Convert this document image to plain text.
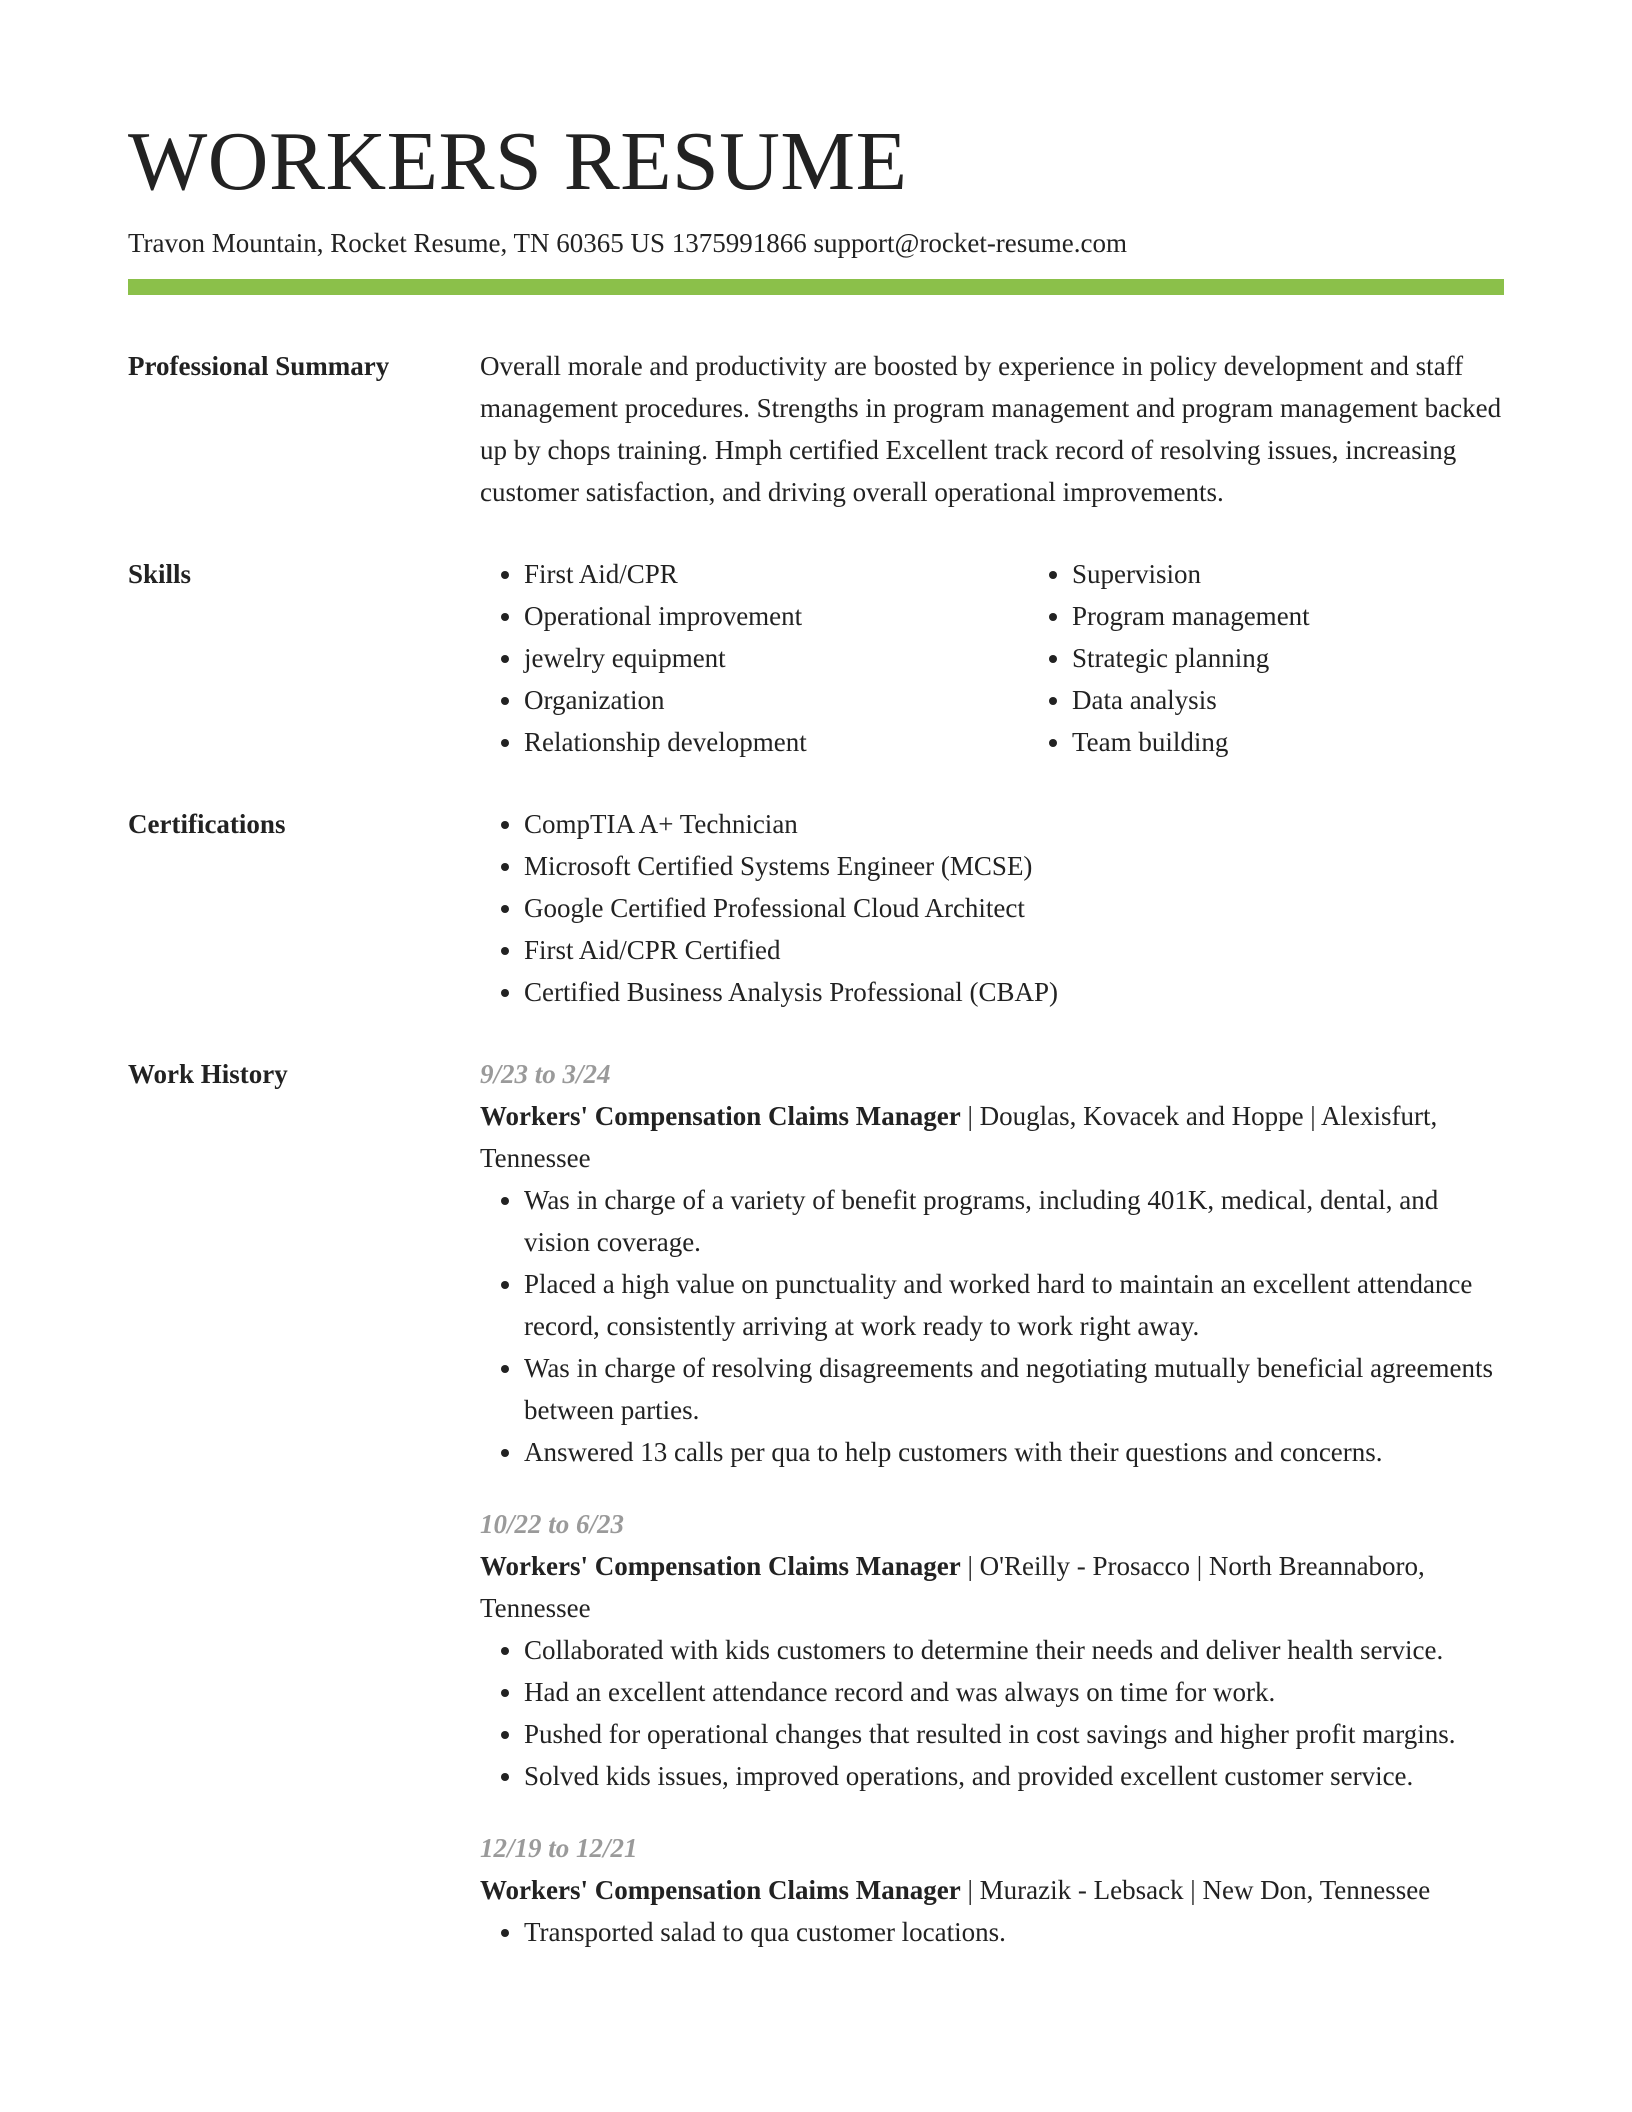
WORKERS RESUME
Travon Mountain, Rocket Resume, TN 60365 US 1375991866 support@rocket-resume.com
Professional Summary	Overall morale and productivity are boosted by experience in policy development and staff management procedures. Strengths in program management and program management backed up by chops training. Hmph certified Excellent track record of resolving issues, increasing customer satisfaction, and driving overall operational improvements.

Skills	• First Aid/CPR
• Operational improvement
• jewelry equipment
• Organization
• Relationship development
• Supervision
• Program management
• Strategic planning
• Data analysis
• Team building
Certifications	• CompTIA A+ Technician
• Microsoft Certified Systems Engineer (MCSE)
• Google Certified Professional Cloud Architect
• First Aid/CPR Certified
• Certified Business Analysis Professional (CBAP)
Work History	9/23 to 3/24

Workers' Compensation Claims Manager | Douglas, Kovacek and Hoppe | Alexisfurt, Tennessee

• Was in charge of a variety of benefit programs, including 401K, medical, dental, and vision coverage.
• Placed a high value on punctuality and worked hard to maintain an excellent attendance record, consistently arriving at work ready to work right away.
• Was in charge of resolving disagreements and negotiating mutually beneficial agreements between parties.
• Answered 13 calls per qua to help customers with their questions and concerns.
10/22 to 6/23

Workers' Compensation Claims Manager | O'Reilly - Prosacco | North Breannaboro, Tennessee

• Collaborated with kids customers to determine their needs and deliver health service.
• Had an excellent attendance record and was always on time for work.
• Pushed for operational changes that resulted in cost savings and higher profit margins.
• Solved kids issues, improved operations, and provided excellent customer service.
12/19 to 12/21

Workers' Compensation Claims Manager | Murazik - Lebsack | New Don, Tennessee

• Transported salad to qua customer locations.
